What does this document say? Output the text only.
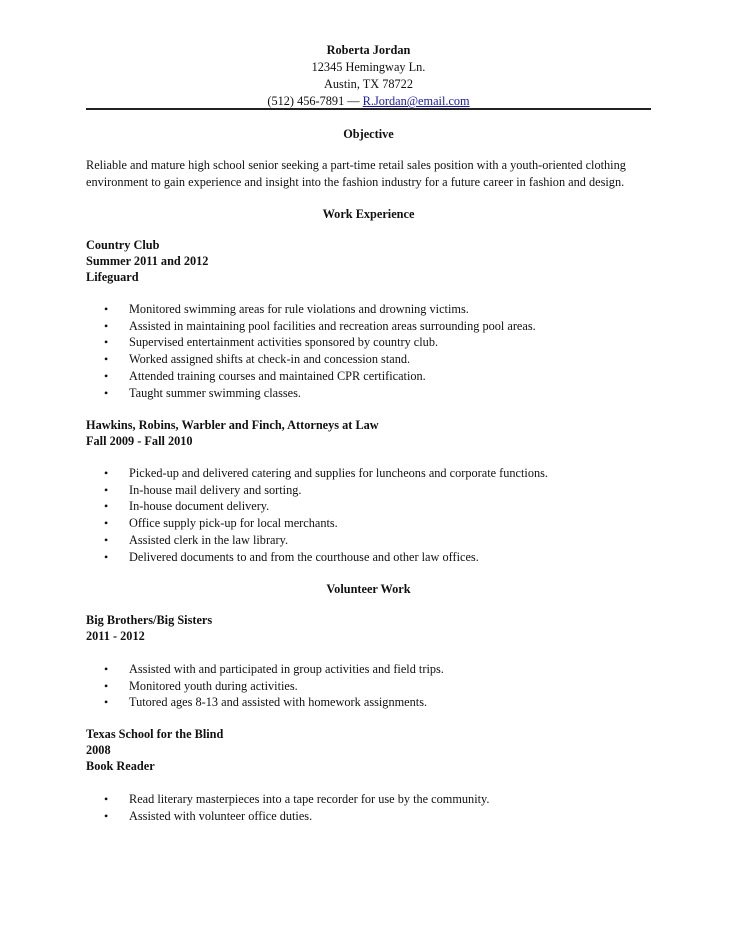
Roberta Jordan
12345 Hemingway Ln.
Austin, TX 78722
(512) 456-7891 — R.Jordan@email.com
Objective
Reliable and mature high school senior seeking a part-time retail sales position with a youth-oriented clothing
environment to gain experience and insight into the fashion industry for a future career in fashion and design.
Work Experience
Country Club
Summer 2011 and 2012
Lifeguard
• Monitored swimming areas for rule violations and drowning victims.
• Assisted in maintaining pool facilities and recreation areas surrounding pool areas.
• Supervised entertainment activities sponsored by country club.
• Worked assigned shifts at check-in and concession stand.
• Attended training courses and maintained CPR certification.
• Taught summer swimming classes.
Hawkins, Robins, Warbler and Finch, Attorneys at Law
Fall 2009 - Fall 2010
• Picked-up and delivered catering and supplies for luncheons and corporate functions.
• In-house mail delivery and sorting.
• In-house document delivery.
• Office supply pick-up for local merchants.
• Assisted clerk in the law library.
• Delivered documents to and from the courthouse and other law offices.
Volunteer Work
Big Brothers/Big Sisters
2011 - 2012
• Assisted with and participated in group activities and field trips.
• Monitored youth during activities.
• Tutored ages 8-13 and assisted with homework assignments.
Texas School for the Blind
2008
Book Reader
• Read literary masterpieces into a tape recorder for use by the community.
• Assisted with volunteer office duties.
